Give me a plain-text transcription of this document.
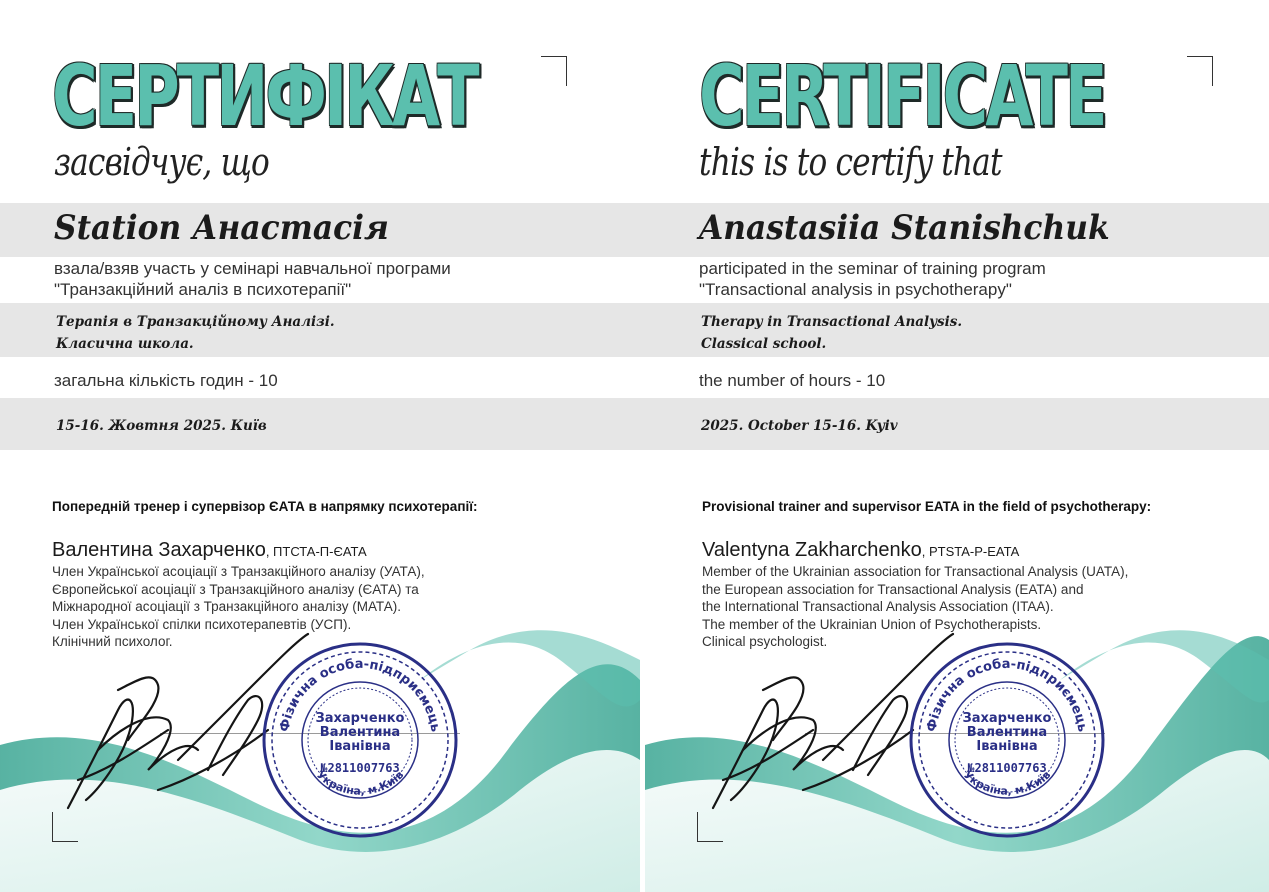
СЕРТИФІКАТ
засвідчує, що
Station Анастасія
взала/взяв участь у семінарі навчальної програми
"Транзакційний аналіз в психотерапії"
Терапія в Транзакційному Аналізі.
Класична школа.
загальна кількість годин - 10
15-16. Жовтня 2025. Київ
Попередній тренер і супервізор ЄАТА в напрямку психотерапії:
Валентина Захарченко, ПТСТА-П-ЄАТА
Член Української асоціації з Транзакційного аналізу (УАТА),
Європейської асоціації з Транзакційного аналізу (ЄАТА) та
Міжнародної асоціації з Транзакційного аналізу (МАТА).
Член Української спілки психотерапевтів (УСП).
Клінічний психолог.
Фізична особа-підприємець
Україна, м.Київ
Захарченко
Валентина
Іванівна
№2811007763
CERTIFICATE
this is to certify that
Anastasiia Stanishchuk
participated in the seminar of training program
"Transactional analysis in psychotherapy"
Therapy in Transactional Analysis.
Classical school.
the number of hours - 10
2025. October 15-16. Kyiv
Provisional trainer and supervisor EATA in the field of psychotherapy:
Valentyna Zakharchenko, PTSTA-P-EATA
Member of the Ukrainian association for Transactional Analysis (UATA),
the European association for Transactional Analysis (EATA) and
the International Transactional Analysis Association (ITAA).
The member of the Ukrainian Union of Psychotherapists.
Clinical psychologist.
Фізична особа-підприємець
Україна, м.Київ
Захарченко
Валентина
Іванівна
№2811007763
